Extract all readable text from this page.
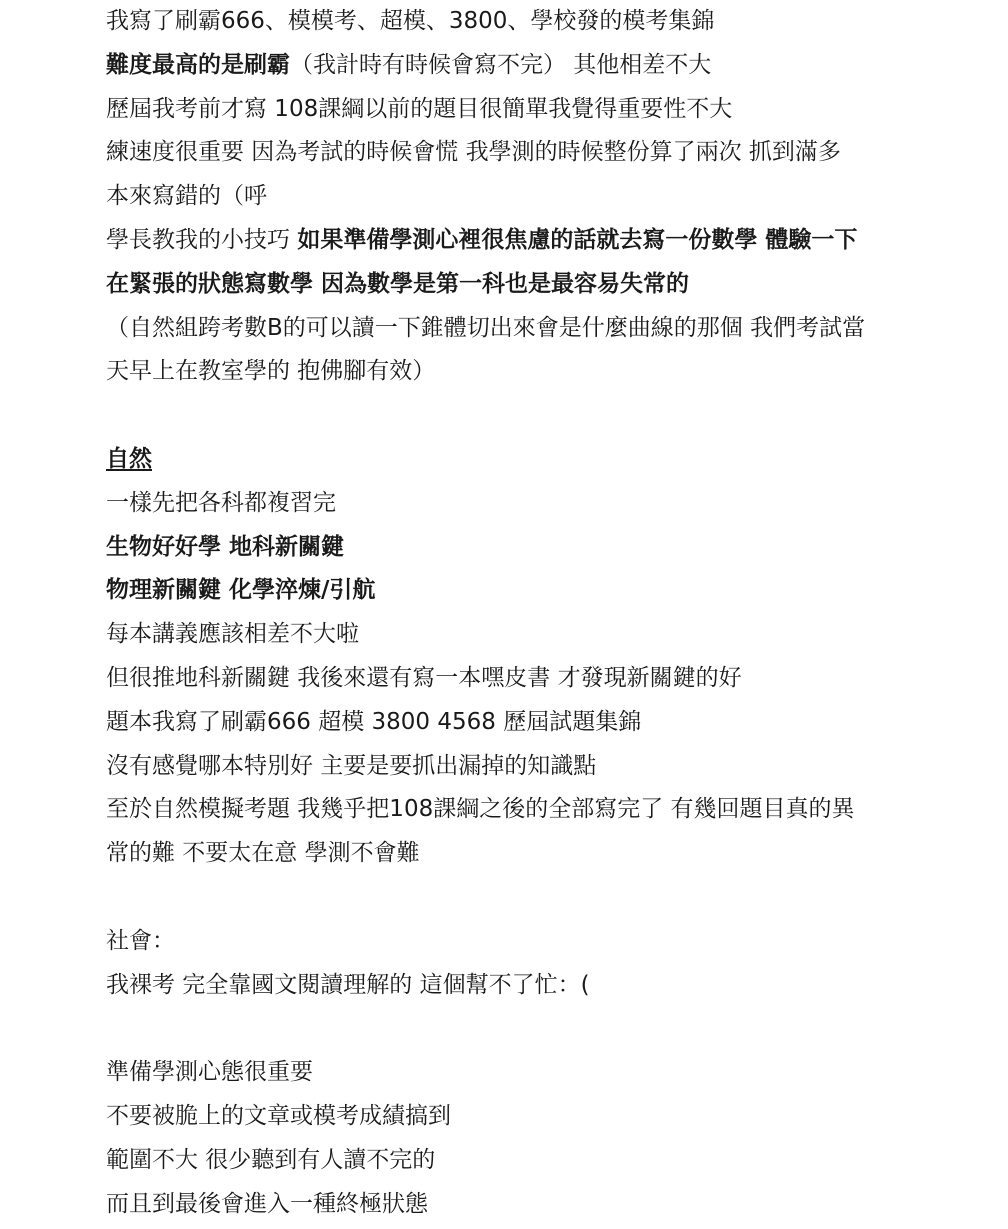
我寫了刷霸666、模模考、超模、3800、學校發的模考集錦
難度最高的是刷霸（我計時有時候會寫不完） 其他相差不大
歷屆我考前才寫 108課綱以前的題目很簡單我覺得重要性不大
練速度很重要 因為考試的時候會慌 我學測的時候整份算了兩次 抓到滿多
本來寫錯的（呼
學長教我的小技巧 如果準備學測心裡很焦慮的話就去寫一份數學 體驗一下
在緊張的狀態寫數學 因為數學是第一科也是最容易失常的
（自然組跨考數B的可以讀一下錐體切出來會是什麼曲線的那個 我們考試當
天早上在教室學的 抱佛腳有效）
自然
一樣先把各科都複習完
生物好好學 地科新關鍵
物理新關鍵 化學淬煉/引航
每本講義應該相差不大啦
但很推地科新關鍵 我後來還有寫一本嘿皮書 才發現新關鍵的好
題本我寫了刷霸666 超模 3800 4568 歷屆試題集錦
沒有感覺哪本特別好 主要是要抓出漏掉的知識點
至於自然模擬考題 我幾乎把108課綱之後的全部寫完了 有幾回題目真的異
常的難 不要太在意 學測不會難
社會：
我裸考 完全靠國文閱讀理解的 這個幫不了忙：(
準備學測心態很重要
不要被脆上的文章或模考成績搞到
範圍不大 很少聽到有人讀不完的
而且到最後會進入一種終極狀態
